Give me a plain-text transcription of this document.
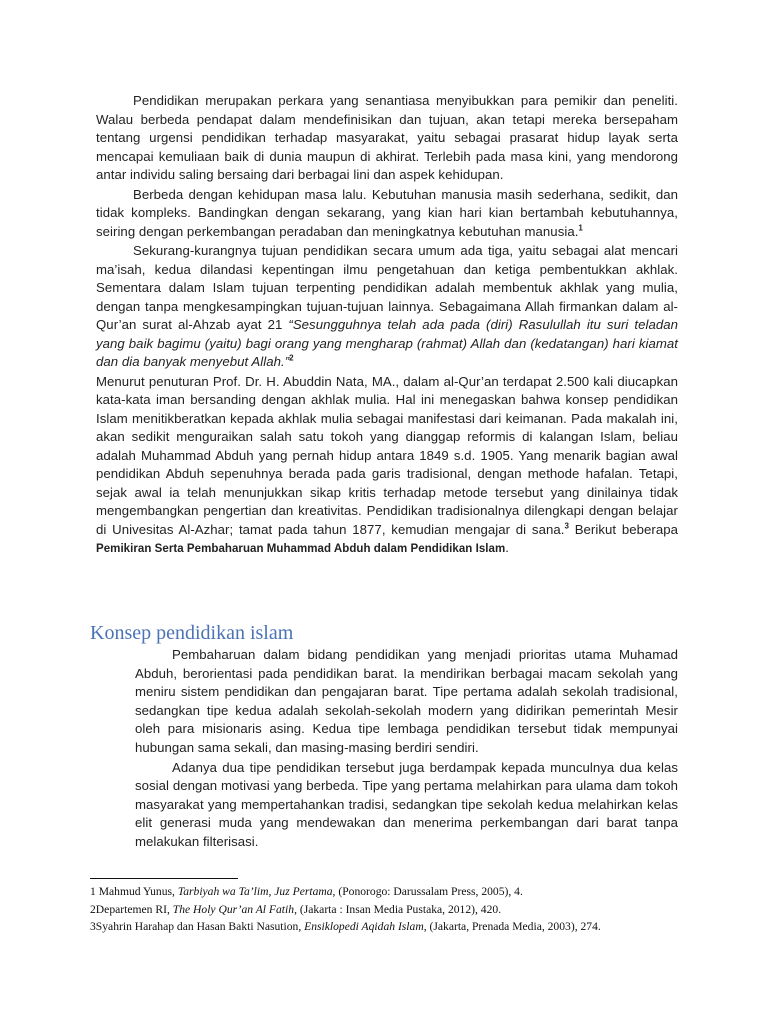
Pendidikan merupakan perkara yang senantiasa menyibukkan para pemikir dan peneliti. Walau berbeda pendapat dalam mendefinisikan dan tujuan, akan tetapi mereka bersepaham tentang urgensi pendidikan terhadap masyarakat, yaitu sebagai prasarat hidup layak serta mencapai kemuliaan baik di dunia maupun di akhirat. Terlebih pada masa kini, yang mendorong antar individu saling bersaing dari berbagai lini dan aspek kehidupan.

Berbeda dengan kehidupan masa lalu. Kebutuhan manusia masih sederhana, sedikit, dan tidak kompleks. Bandingkan dengan sekarang, yang kian hari kian bertambah kebutuhannya, seiring dengan perkembangan peradaban dan meningkatnya kebutuhan manusia.$^1$

Sekurang-kurangnya tujuan pendidikan secara umum ada tiga, yaitu sebagai alat mencari ma’isah, kedua dilandasi kepentingan ilmu pengetahuan dan ketiga pembentukkan akhlak. Sementara dalam Islam tujuan terpenting pendidikan adalah membentuk akhlak yang mulia, dengan tanpa mengkesampingkan tujuan-tujuan lainnya. Sebagaimana Allah firmankan dalam al-Qur’an surat al-Ahzab ayat 21 “Sesungguhnya telah ada pada (diri) Rasulullah itu suri teladan yang baik bagimu (yaitu) bagi orang yang mengharap (rahmat) Allah dan (kedatangan) hari kiamat dan dia banyak menyebut Allah.”$^2$

Menurut penuturan Prof. Dr. H. Abuddin Nata, MA., dalam al-Qur’an terdapat 2.500 kali diucapkan kata-kata iman bersanding dengan akhlak mulia. Hal ini menegaskan bahwa konsep pendidikan Islam menitikberatkan kepada akhlak mulia sebagai manifestasi dari keimanan. Pada makalah ini, akan sedikit menguraikan salah satu tokoh yang dianggap reformis di kalangan Islam, beliau adalah Muhammad Abduh yang pernah hidup antara 1849 s.d. 1905. Yang menarik bagian awal pendidikan Abduh sepenuhnya berada pada garis tradisional, dengan methode hafalan. Tetapi, sejak awal ia telah menunjukkan sikap kritis terhadap metode tersebut yang dinilainya tidak mengembangkan pengertian dan kreativitas. Pendidikan tradisionalnya dilengkapi dengan belajar di Univesitas Al-Azhar; tamat pada tahun 1877, kemudian mengajar di sana.$^3$ Berikut beberapa Pemikiran Serta Pembaharuan Muhammad Abduh dalam Pendidikan Islam.

Konsep pendidikan islam

Pembaharuan dalam bidang pendidikan yang menjadi prioritas utama Muhamad Abduh, berorientasi pada pendidikan barat. Ia mendirikan berbagai macam sekolah yang meniru sistem pendidikan dan pengajaran barat. Tipe pertama adalah sekolah tradisional, sedangkan tipe kedua adalah sekolah-sekolah modern yang didirikan pemerintah Mesir oleh para misionaris asing. Kedua tipe lembaga pendidikan tersebut tidak mempunyai hubungan sama sekali, dan masing-masing berdiri sendiri.

Adanya dua tipe pendidikan tersebut juga berdampak kepada munculnya dua kelas sosial dengan motivasi yang berbeda. Tipe yang pertama melahirkan para ulama dam tokoh masyarakat yang mempertahankan tradisi, sedangkan tipe sekolah kedua melahirkan kelas elit generasi muda yang mendewakan dan menerima perkembangan dari barat tanpa melakukan filterisasi.

1 Mahmud Yunus, Tarbiyah wa Ta’lim, Juz Pertama, (Ponorogo: Darussalam Press, 2005), 4.

2Departemen RI, The Holy Qur’an Al Fatih, (Jakarta : Insan Media Pustaka, 2012), 420.

3Syahrin Harahap dan Hasan Bakti Nasution, Ensiklopedi Aqidah Islam, (Jakarta, Prenada Media, 2003), 274.
